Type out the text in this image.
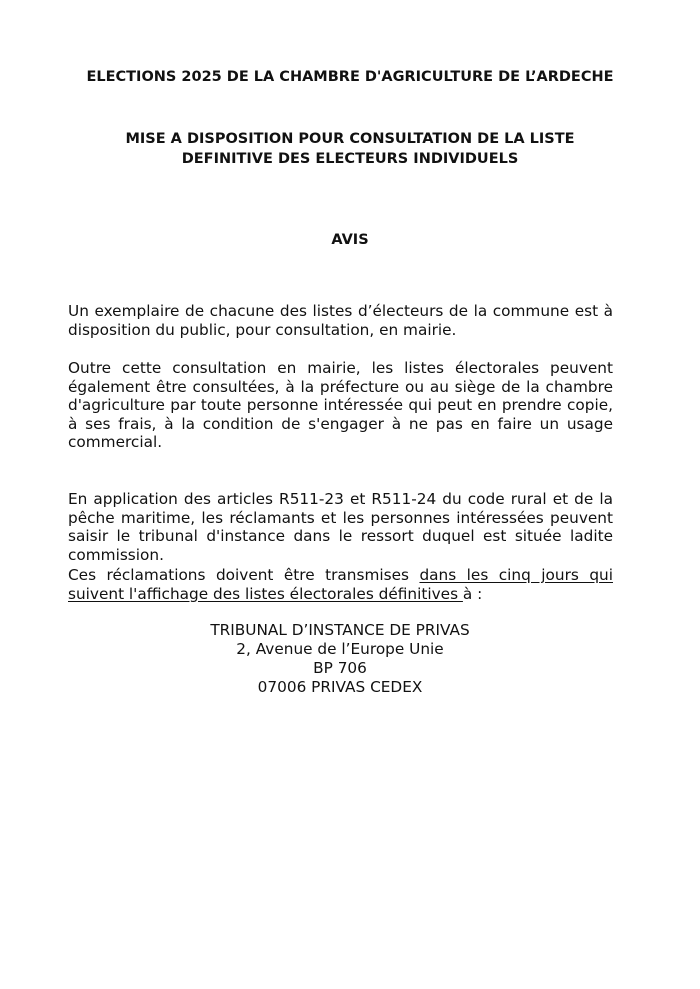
ELECTIONS 2025 DE LA CHAMBRE D'AGRICULTURE DE L’ARDECHE
MISE A DISPOSITION POUR CONSULTATION DE LA LISTE
DEFINITIVE DES ELECTEURS INDIVIDUELS
AVIS

Un exemplaire de chacune des listes d’électeurs de la commune est à disposition du public, pour consultation, en mairie.

Outre cette consultation en mairie, les listes électorales peuvent également être consultées, à la préfecture ou au siège de la chambre d'agriculture par toute personne intéressée qui peut en prendre copie, à ses frais, à la condition de s'engager à ne pas en faire un usage commercial.

En application des articles R511-23 et R511-24 du code rural et de la pêche maritime, les réclamants et les personnes intéressées peuvent saisir le tribunal d'instance dans le ressort duquel est située ladite commission.

Ces réclamations doivent être transmises dans les cinq jours qui suivent l'affichage des listes électorales définitives à :

TRIBUNAL D’INSTANCE DE PRIVAS
2, Avenue de l’Europe Unie
BP 706
07006 PRIVAS CEDEX
